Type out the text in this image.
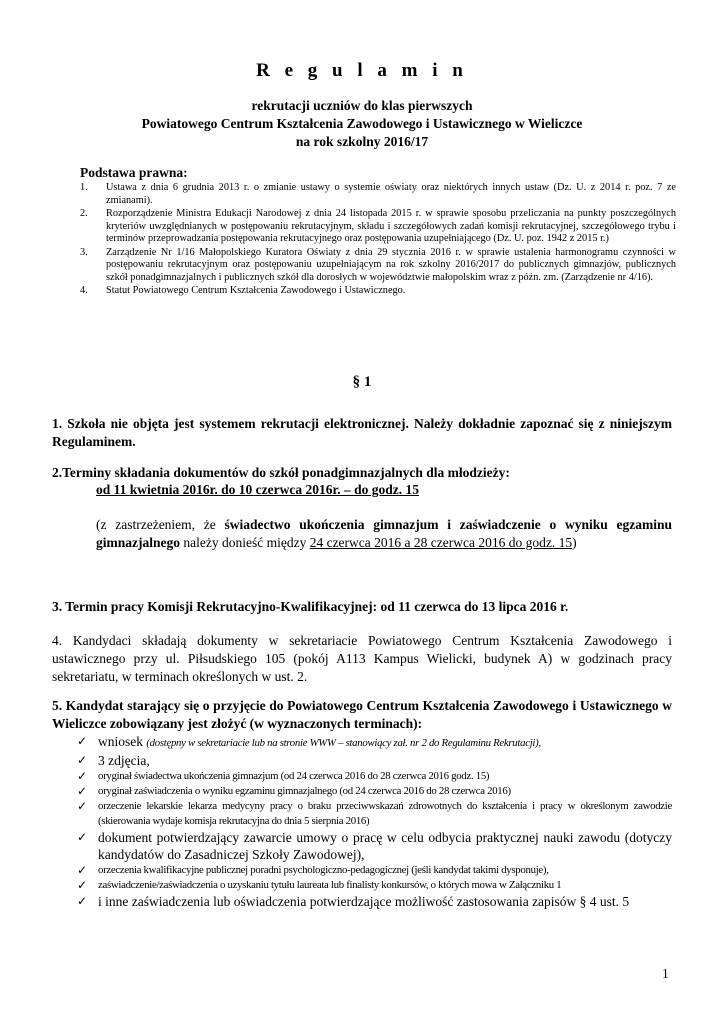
R e g u l a m i n
rekrutacji uczniów do klas pierwszych
Powiatowego Centrum Kształcenia Zawodowego i Ustawicznego w Wieliczce
na rok szkolny 2016/17
Podstawa prawna:
1. Ustawa z dnia 6 grudnia 2013 r. o zmianie ustawy o systemie oświaty oraz niektórych innych ustaw (Dz. U. z 2014 r. poz. 7 ze zmianami).
2. Rozporządzenie Ministra Edukacji Narodowej z dnia 24 listopada 2015 r. w sprawie sposobu przeliczania na punkty poszczególnych kryteriów uwzględnianych w postępowaniu rekrutacyjnym, składu i szczegółowych zadań komisji rekrutacyjnej, szczegółowego trybu i terminów przeprowadzania postępowania rekrutacyjnego oraz postępowania uzupełniającego (Dz. U. poz. 1942 z 2015 r.)
3. Zarządzenie Nr 1/16 Małopolskiego Kuratora Oświaty z dnia 29 stycznia 2016 r. w sprawie ustalenia harmonogramu czynności w postępowaniu rekrutacyjnym oraz postępowaniu uzupełniającym na rok szkolny 2016/2017 do publicznych gimnazjów, publicznych szkół ponadgimnazjalnych i publicznych szkół dla dorosłych w województwie małopolskim wraz z późn. zm. (Zarządzenie nr 4/16).
4. Statut Powiatowego Centrum Kształcenia Zawodowego i Ustawicznego.
§ 1

1. Szkoła nie objęta jest systemem rekrutacji elektronicznej. Należy dokładnie zapoznać się z niniejszym Regulaminem.

2.Terminy składania dokumentów do szkół ponadgimnazjalnych dla młodzieży:

od 11 kwietnia 2016r. do 10 czerwca 2016r. – do godz. 15

(z zastrzeżeniem, że świadectwo ukończenia gimnazjum i zaświadczenie o wyniku egzaminu gimnazjalnego należy donieść między 24 czerwca 2016 a 28 czerwca 2016 do godz. 15)

3. Termin pracy Komisji Rekrutacyjno-Kwalifikacyjnej: od 11 czerwca do 13 lipca 2016 r.

4. Kandydaci składają dokumenty w sekretariacie Powiatowego Centrum Kształcenia Zawodowego i ustawicznego przy ul. Piłsudskiego 105 (pokój A113 Kampus Wielicki, budynek A) w godzinach pracy sekretariatu, w terminach określonych w ust. 2.

5. Kandydat starający się o przyjęcie do Powiatowego Centrum Kształcenia Zawodowego i Ustawicznego w Wieliczce zobowiązany jest złożyć (w wyznaczonych terminach):

✓ wniosek (dostępny w sekretariacie lub na stronie WWW – stanowiący zał. nr 2 do Regulaminu Rekrutacji),
✓ 3 zdjęcia,
✓ oryginał świadectwa ukończenia gimnazjum (od 24 czerwca 2016 do 28 czerwca 2016 godz. 15)
✓ oryginał zaświadczenia o wyniku egzaminu gimnazjalnego (od 24 czerwca 2016 do 28 czerwca 2016)
✓ orzeczenie lekarskie lekarza medycyny pracy o braku przeciwwskazań zdrowotnych do kształcenia i pracy w określonym zawodzie (skierowania wydaje komisja rekrutacyjna do dnia 5 sierpnia 2016)
✓ dokument potwierdzający zawarcie umowy o pracę w celu odbycia praktycznej nauki zawodu (dotyczy kandydatów do Zasadniczej Szkoły Zawodowej),
✓ orzeczenia kwalifikacyjne publicznej poradni psychologiczno-pedagogicznej (jeśli kandydat takimi dysponuje),
✓ zaświadczenie/zaświadczenia o uzyskaniu tytułu laureata lub finalisty konkursów, o których mowa w Załączniku 1
✓ i inne zaświadczenia lub oświadczenia potwierdzające możliwość zastosowania zapisów § 4 ust. 5
1
